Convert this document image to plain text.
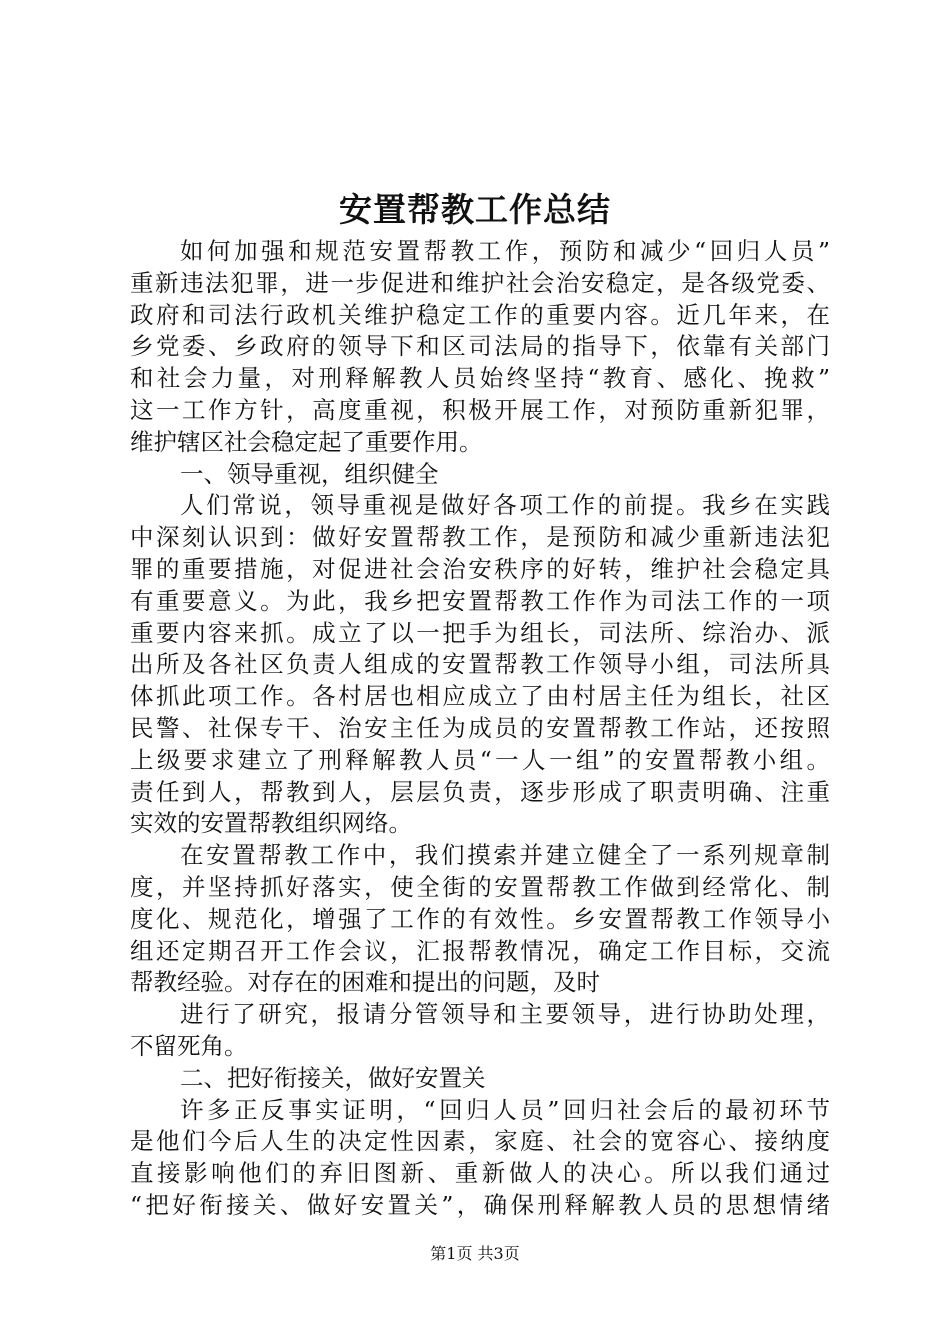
安置帮教工作总结
如何加强和规范安置帮教工作，预防和减少“回归人员”
重新违法犯罪，进一步促进和维护社会治安稳定，是各级党委、
政府和司法行政机关维护稳定工作的重要内容。近几年来，在
乡党委、乡政府的领导下和区司法局的指导下，依靠有关部门
和社会力量，对刑释解教人员始终坚持“教育、感化、挽救”
这一工作方针，高度重视，积极开展工作，对预防重新犯罪，
维护辖区社会稳定起了重要作用。
一、领导重视，组织健全
人们常说，领导重视是做好各项工作的前提。我乡在实践
中深刻认识到：做好安置帮教工作，是预防和减少重新违法犯
罪的重要措施，对促进社会治安秩序的好转，维护社会稳定具
有重要意义。为此，我乡把安置帮教工作作为司法工作的一项
重要内容来抓。成立了以一把手为组长，司法所、综治办、派
出所及各社区负责人组成的安置帮教工作领导小组，司法所具
体抓此项工作。各村居也相应成立了由村居主任为组长，社区
民警、社保专干、治安主任为成员的安置帮教工作站，还按照
上级要求建立了刑释解教人员“一人一组”的安置帮教小组。
责任到人，帮教到人，层层负责，逐步形成了职责明确、注重
实效的安置帮教组织网络。
在安置帮教工作中，我们摸索并建立健全了一系列规章制
度，并坚持抓好落实，使全街的安置帮教工作做到经常化、制
度化、规范化，增强了工作的有效性。乡安置帮教工作领导小
组还定期召开工作会议，汇报帮教情况，确定工作目标，交流
帮教经验。对存在的困难和提出的问题，及时
进行了研究，报请分管领导和主要领导，进行协助处理，
不留死角。
二、把好衔接关，做好安置关
许多正反事实证明，“回归人员”回归社会后的最初环节
是他们今后人生的决定性因素，家庭、社会的宽容心、接纳度
直接影响他们的弃旧图新、重新做人的决心。所以我们通过
“把好衔接关、做好安置关”，确保刑释解教人员的思想情绪
第1页 共3页
